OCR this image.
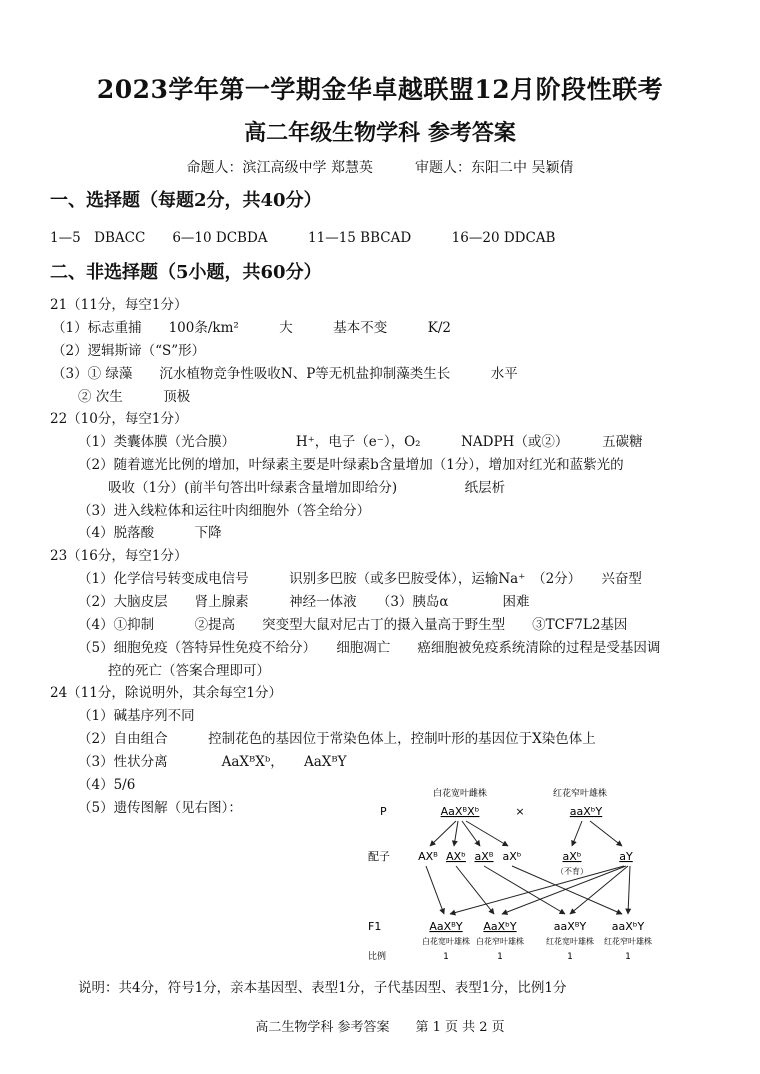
2023学年第一学期金华卓越联盟12月阶段性联考
高二年级生物学科 参考答案
命题人：滨江高级中学 郑慧英　　　审题人：东阳二中 吴颖倩
一、选择题（每题2分，共40分）
1—5　DBACC　　6—10 DCBDA　　　11—15 BBCAD　　　16—20 DDCAB
二、非选择题（5小题，共60分）
21（11分，每空1分）
（1）标志重捕　　100条/km²　　　大　　　基本不变　　　K/2
（2）逻辑斯谛（“S”形）
（3）① 绿藻　　沉水植物竞争性吸收N、P等无机盐抑制藻类生长　　　水平
② 次生　　　顶极
22（10分，每空1分）
（1）类囊体膜（光合膜）　　　　　H⁺，电子（e⁻），O₂　　　NADPH（或②）　　　五碳糖
（2）随着遮光比例的增加，叶绿素主要是叶绿素b含量增加（1分），增加对红光和蓝紫光的
吸收（1分）(前半句答出叶绿素含量增加即给分)　　　　　纸层析
（3）进入线粒体和运往叶肉细胞外（答全给分）
（4）脱落酸　　　下降
23（16分，每空1分）
（1）化学信号转变成电信号　　　识别多巴胺（或多巴胺受体），运输Na⁺　（2分）　　兴奋型
（2）大脑皮层　　肾上腺素　　　神经一体液　　（3）胰岛α　　　　困难
（4）①抑制　　　②提高　　突变型大鼠对尼古丁的摄入量高于野生型　　③TCF7L2基因
（5）细胞免疫（答特异性免疫不给分）　　细胞凋亡　　癌细胞被免疫系统清除的过程是受基因调
控的死亡（答案合理即可）
24（11分，除说明外，其余每空1分）
（1）碱基序列不同
（2）自由组合　　　控制花色的基因位于常染色体上，控制叶形的基因位于X染色体上
（3）性状分离　　　　AaXᴮXᵇ，　　AaXᴮY
（4）5/6
（5）遗传图解（见右图）：
红花窄叶雄株
白花宽叶雌株
P	AaXᴮXᵇ	×	aaXᵇY
配子	AXᴮ AXᵇ aXᴮ aXᵇ	aXᵇ	aY
（不育）
F1	AaXᴮY AaXᵇY	aaXᴮY aaXᵇY
白花宽叶雄株 白花窄叶雄株	红花宽叶雄株 红花窄叶雄株
比例	1	1	1	1
说明：共4分，符号1分，亲本基因型、表型1分，子代基因型、表型1分，比例1分
高二生物学科 参考答案　　第 1 页 共 2 页
